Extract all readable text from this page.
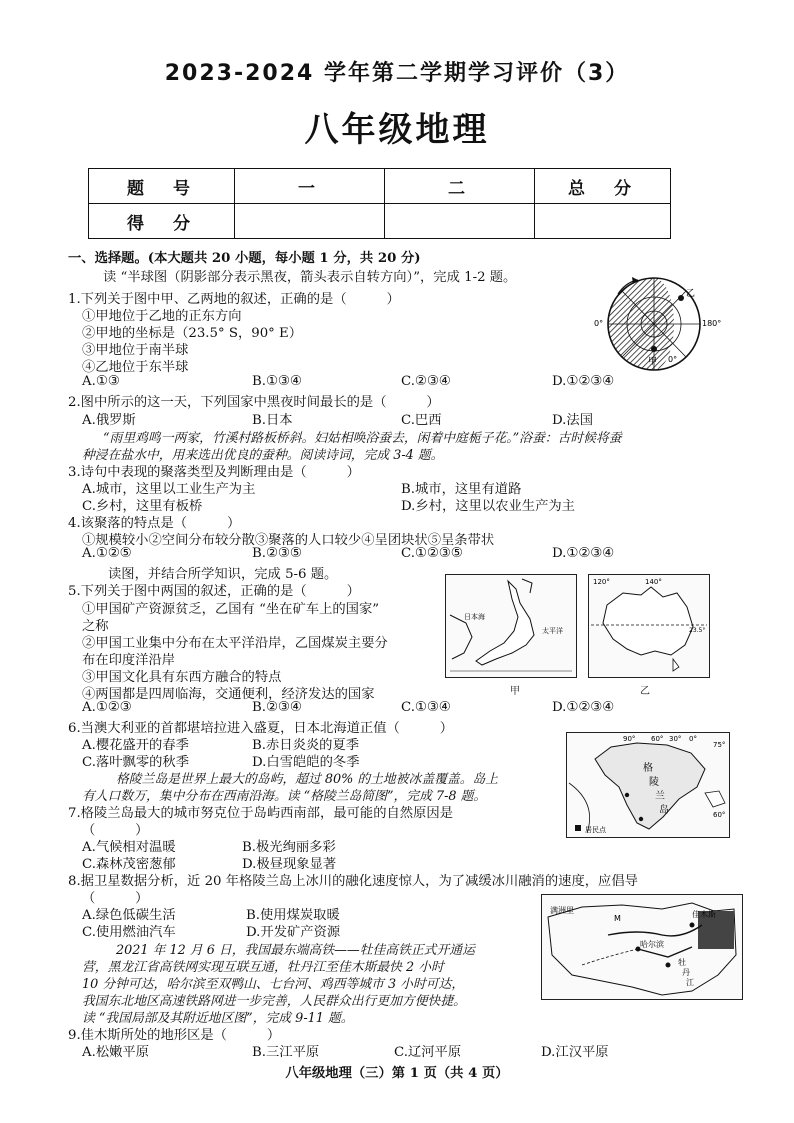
2023-2024 学年第二学期学习评价（3）
八年级地理
题　号	一	二	总　分
得　分			
一、选择题。(本大题共 20 小题，每小题 1 分，共 20 分)
读 “半球图（阴影部分表示黑夜，箭头表示自转方向）”，完成 1-2 题。
1.下列关于图中甲、乙两地的叙述，正确的是（　　　）
①甲地位于乙地的正东方向
②甲地的坐标是（23.5° S，90° E）
③甲地位于南半球
④乙地位于东半球
A.①③	B.①③④	C.②③④	D.①②③④
2.图中所示的这一天，下列国家中黑夜时间最长的是（　　　）
A.俄罗斯	B.日本	C.巴西	D.法国
“雨里鸡鸣一两家，竹溪村路板桥斜。妇姑相唤浴蚕去，闲着中庭栀子花。”浴蚕：古时候将蚕
种浸在盐水中，用来选出优良的蚕种。阅读诗词，完成 3-4 题。
3.诗句中表现的聚落类型及判断理由是（　　　）
A.城市，这里以工业生产为主	B.城市，这里有道路
C.乡村，这里有板桥	D.乡村，这里以农业生产为主
4.该聚落的特点是（　　　）
①规模较小②空间分布较分散③聚落的人口较少④呈团块状⑤呈条带状
A.①②⑤	B.②③⑤	C.①②③⑤	D.①②③④
读图，并结合所学知识，完成 5-6 题。
5.下列关于图中两国的叙述，正确的是（　　　）
①甲国矿产资源贫乏，乙国有 “坐在矿车上的国家”
之称
②甲国工业集中分布在太平洋沿岸，乙国煤炭主要分
布在印度洋沿岸
③甲国文化具有东西方融合的特点
④两国都是四周临海，交通便利，经济发达的国家
A.①②③	B.②③④	C.①③④	D.①②③④
6.当澳大利亚的首都堪培拉进入盛夏，日本北海道正值（　　　）
A.樱花盛开的春季	B.赤日炎炎的夏季
C.落叶飘零的秋季	D.白雪皑皑的冬季
格陵兰岛是世界上最大的岛屿，超过 80% 的土地被冰盖覆盖。岛上
有人口数万，集中分布在西南沿海。读 “格陵兰岛简图”，完成 7-8 题。
7.格陵兰岛最大的城市努克位于岛屿西南部，最可能的自然原因是
（　　　）
A.气候相对温暖	B.极光绚丽多彩
C.森林茂密葱郁	D.极昼现象显著
8.据卫星数据分析，近 20 年格陵兰岛上冰川的融化速度惊人，为了减缓冰川融消的速度，应倡导
（　　　）
A.绿色低碳生活	B.使用煤炭取暖
C.使用燃油汽车	D.开发矿产资源
2021 年 12 月 6 日，我国最东端高铁——牡佳高铁正式开通运
营，黑龙江省高铁网实现互联互通，牡丹江至佳木斯最快 2 小时
10 分钟可达，哈尔滨至双鸭山、七台河、鸡西等城市 3 小时可达，
我国东北地区高速铁路网进一步完善，人民群众出行更加方便快捷。
读 “我国局部及其附近地区图”，完成 9-11 题。
9.佳木斯所处的地形区是（　　　）
A.松嫩平原	B.三江平原	C.辽河平原	D.江汉平原
八年级地理（三）第 1 页（共 4 页）
0°	180°
乙
甲 0°
日本海
太平洋
甲
120°	140°
23.5°
乙
90° 60° 30° 0°
75°
60°
格
陵
兰
岛
居民点
满洲里
M	佳木斯
哈尔滨
牡
丹
江
